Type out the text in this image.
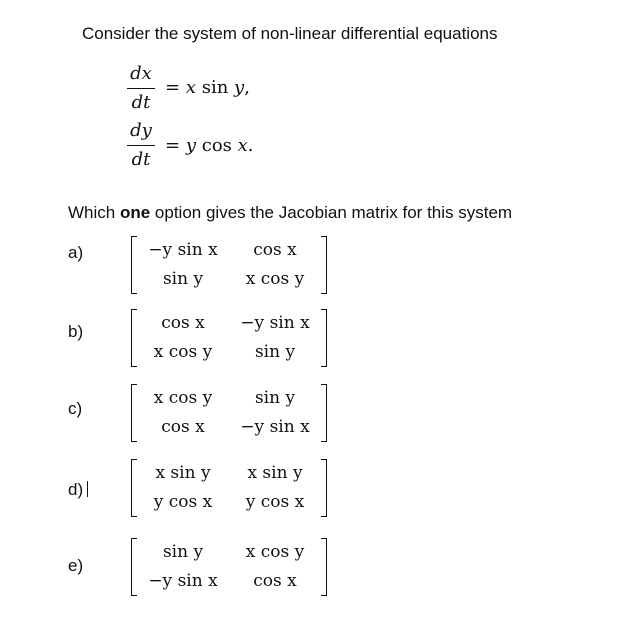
Consider the system of non-linear differential equations
dx
dt
= x sin y,
dy
dt
= y cos x.
Which one option gives the Jacobian matrix for this system
a)	−y sin x	cos x
sin y	x cos y
b)	cos x	−y sin x
x cos y	sin y
c)
x cos y	sin y
cos x	−y sin x
d)
x sin y	x sin y
y cos x	y cos x
e)
sin y	x cos y
−y sin x	cos x
